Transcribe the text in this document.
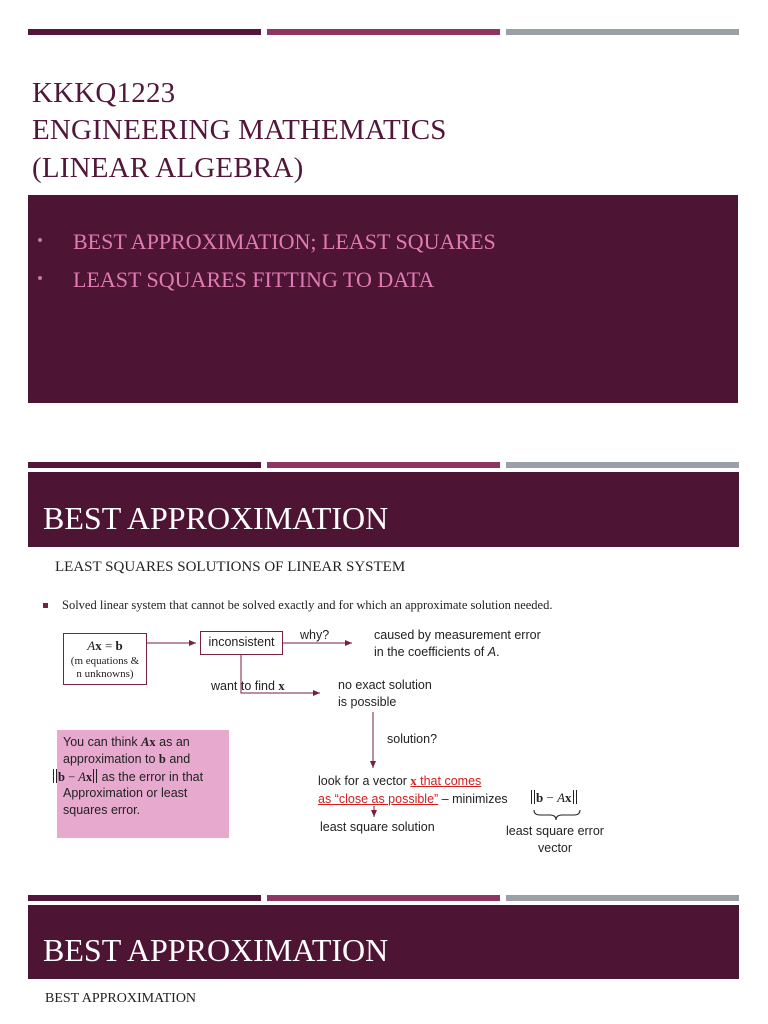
KKKQ1223
ENGINEERING MATHEMATICS
(LINEAR ALGEBRA)
BEST APPROXIMATION; LEAST SQUARES
LEAST SQUARES FITTING TO DATA
BEST APPROXIMATION
LEAST SQUARES SOLUTIONS OF LINEAR SYSTEM
Solved linear system that cannot be solved exactly and for which an approximate solution needed.
Ax = b
(m equations &
n unknowns)
inconsistent	why?	caused by measurement error
in the coefficients of A.
want to find x	no exact solution
is possible
solution?
look for a vector x that comes
as “close as possible” – minimizes	b − Ax
least square solution	least square error
vector
You can think Ax as an
approximation to b and
b − Ax as the error in that
Approximation or least
squares error.
BEST APPROXIMATION
BEST APPROXIMATION
